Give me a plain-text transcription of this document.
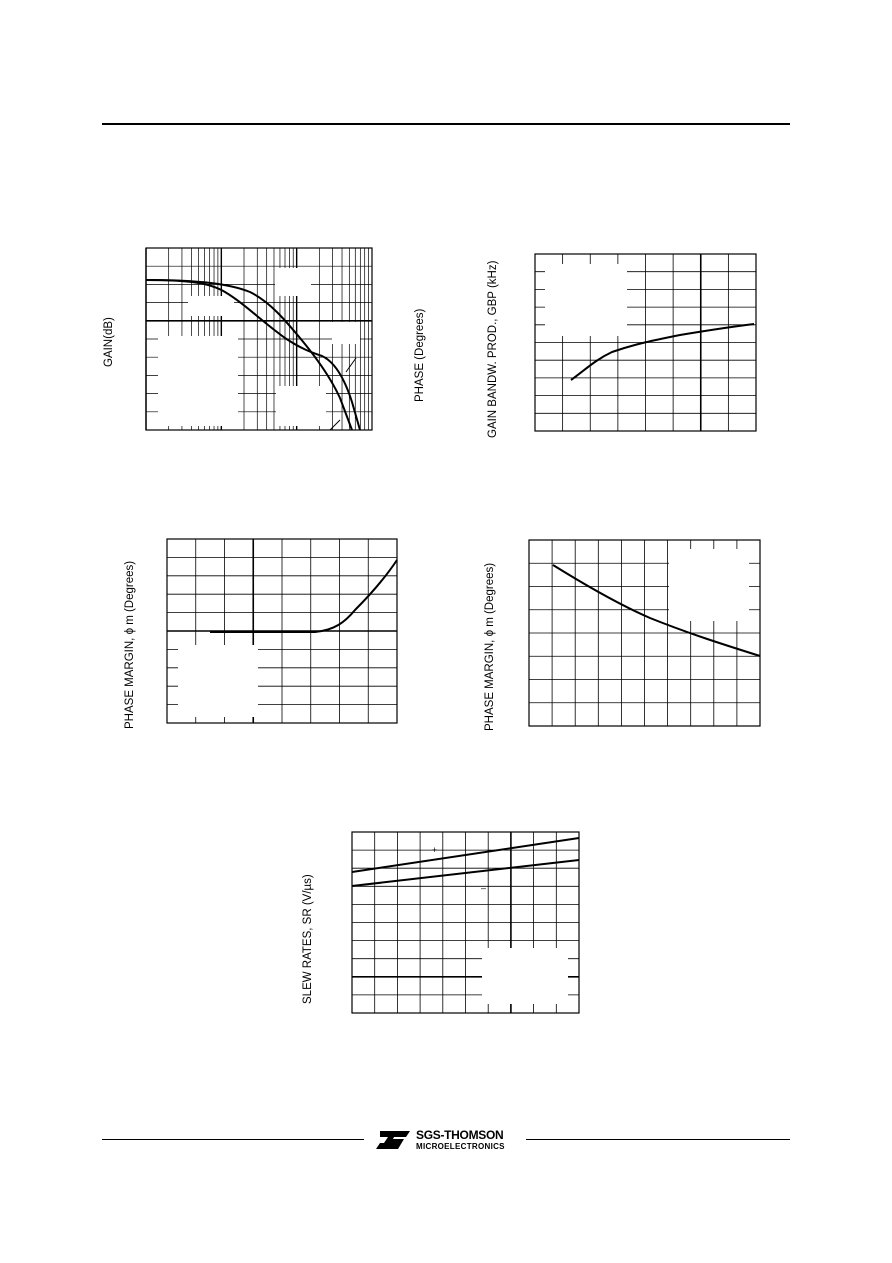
GAIN(dB)	PHASE (Degrees)	GAIN BANDW. PROD., GBP (kHz)
PHASE MARGIN, ϕ m (Degrees)	PHASE MARGIN, ϕ m (Degrees)
SLEW RATES, SR (V/µs)
+
–
SGS-THOMSON
MICROELECTRONICS
